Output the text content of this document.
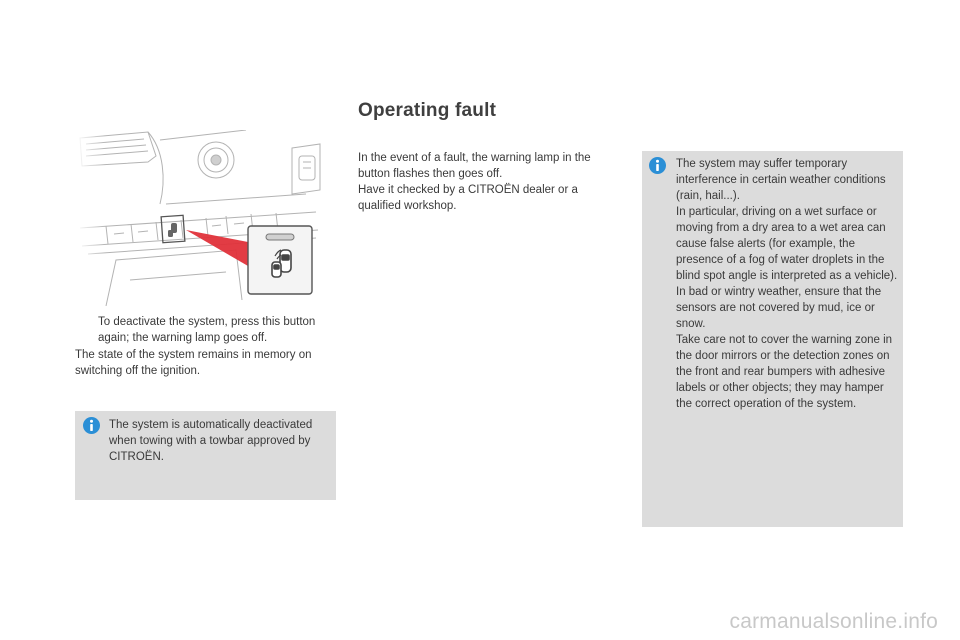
To deactivate the system, press this button again; the warning lamp goes off.
The state of the system remains in memory on switching off the ignition.
The system is automatically deactivated when towing with a towbar approved by CITROËN.
Operating fault
In the event of a fault, the warning lamp in the button flashes then goes off.
Have it checked by a CITROËN dealer or a qualified workshop.
The system may suffer temporary interference in certain weather conditions (rain, hail...).
In particular, driving on a wet surface or moving from a dry area to a wet area can cause false alerts (for example, the presence of a fog of water droplets in the blind spot angle is interpreted as a vehicle).
In bad or wintry weather, ensure that the sensors are not covered by mud, ice or snow.
Take care not to cover the warning zone in the door mirrors or the detection zones on the front and rear bumpers with adhesive labels or other objects; they may hamper the correct operation of the system.
carmanualsonline.info
